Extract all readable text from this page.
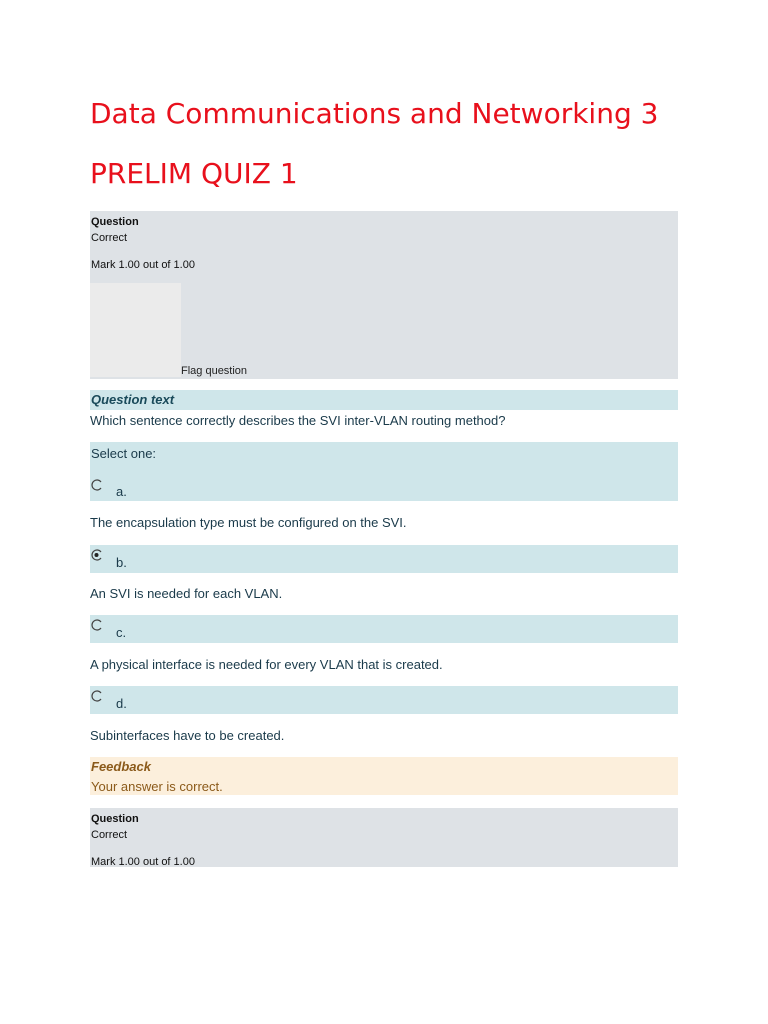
Data Communications and Networking 3
PRELIM QUIZ 1
Question
Correct
Mark 1.00 out of 1.00
Flag question
Question text
Which sentence correctly describes the SVI inter-VLAN routing method?
Select one:
a.
The encapsulation type must be configured on the SVI.
b.
An SVI is needed for each VLAN.
c.
A physical interface is needed for every VLAN that is created.
d.
Subinterfaces have to be created.
Feedback
Your answer is correct.
Question
Correct
Mark 1.00 out of 1.00
